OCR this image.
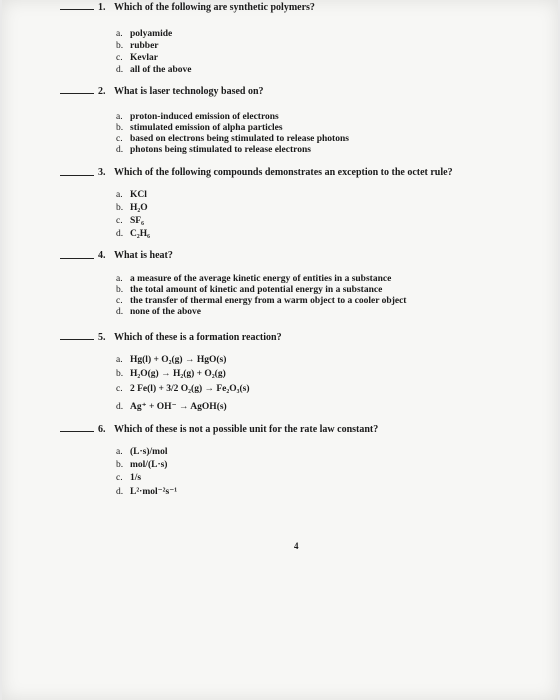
1. Which of the following are synthetic polymers?
a. polyamide
b. rubber
c. Kevlar
d. all of the above
2. What is laser technology based on?
a. proton-induced emission of electrons
b. stimulated emission of alpha particles
c. based on electrons being stimulated to release photons
d. photons being stimulated to release electrons
3. Which of the following compounds demonstrates an exception to the octet rule?
a. KCl
b. H₂O
c. SF₆
d. C₂H₆
4. What is heat?
a. a measure of the average kinetic energy of entities in a substance
b. the total amount of kinetic and potential energy in a substance
c. the transfer of thermal energy from a warm object to a cooler object
d. none of the above
5. Which of these is a formation reaction?
a. Hg(l) + O₂(g) → HgO(s)
b. H₂O(g) → H₂(g) + O₂(g)
c. 2 Fe(l) + 3/2 O₂(g) → Fe₂O₃(s)
d. Ag⁺ + OH⁻ → AgOH(s)
6. Which of these is not a possible unit for the rate law constant?
a. (L·s)/mol
b. mol/(L·s)
c. 1/s
d. L²·mol⁻²s⁻¹
4
